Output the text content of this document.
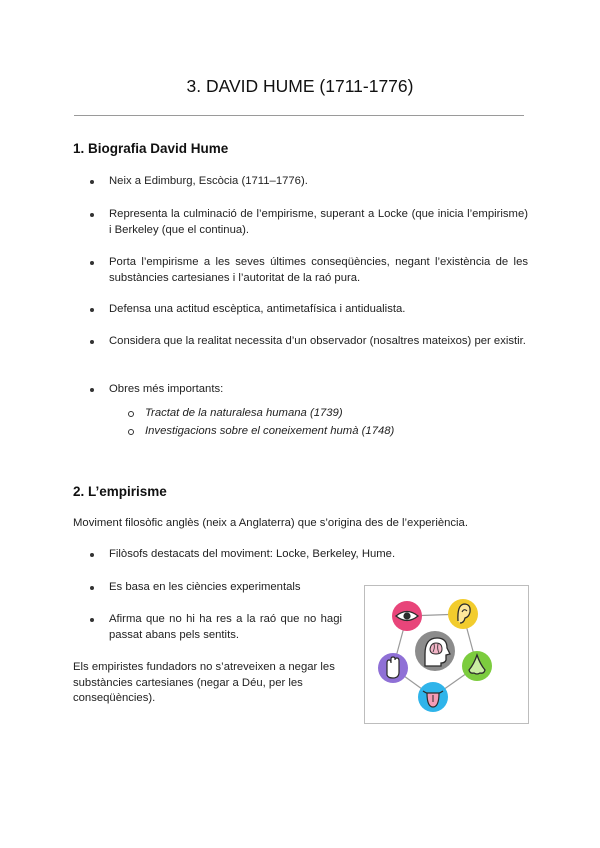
3. DAVID HUME (1711-1776)
1. Biografia David Hume
Neix a Edimburg, Escòcia (1711–1776).
Representa la culminació de l’empirisme, superant a Locke (que inicia l’empirisme) i Berkeley (que el continua).
Porta l’empirisme a les seves últimes conseqüències, negant l’existència de les substàncies cartesianes i l’autoritat de la raó pura.
Defensa una actitud escèptica, antimetafísica i antidualista.
Considera que la realitat necessita d’un observador (nosaltres mateixos) per existir.
Obres més importants:
Tractat de la naturalesa humana (1739)
Investigacions sobre el coneixement humà (1748)
2. L’empirisme
Moviment filosòfic anglès (neix a Anglaterra) que s’origina des de l’experiència.
Filòsofs destacats del moviment: Locke, Berkeley, Hume.
Es basa en les ciències experimentals
Afirma que no hi ha res a la raó que no hagi passat abans pels sentits.
Els empiristes fundadors no s’atreveixen a negar les substàncies cartesianes (negar a Déu, per les conseqüències).
